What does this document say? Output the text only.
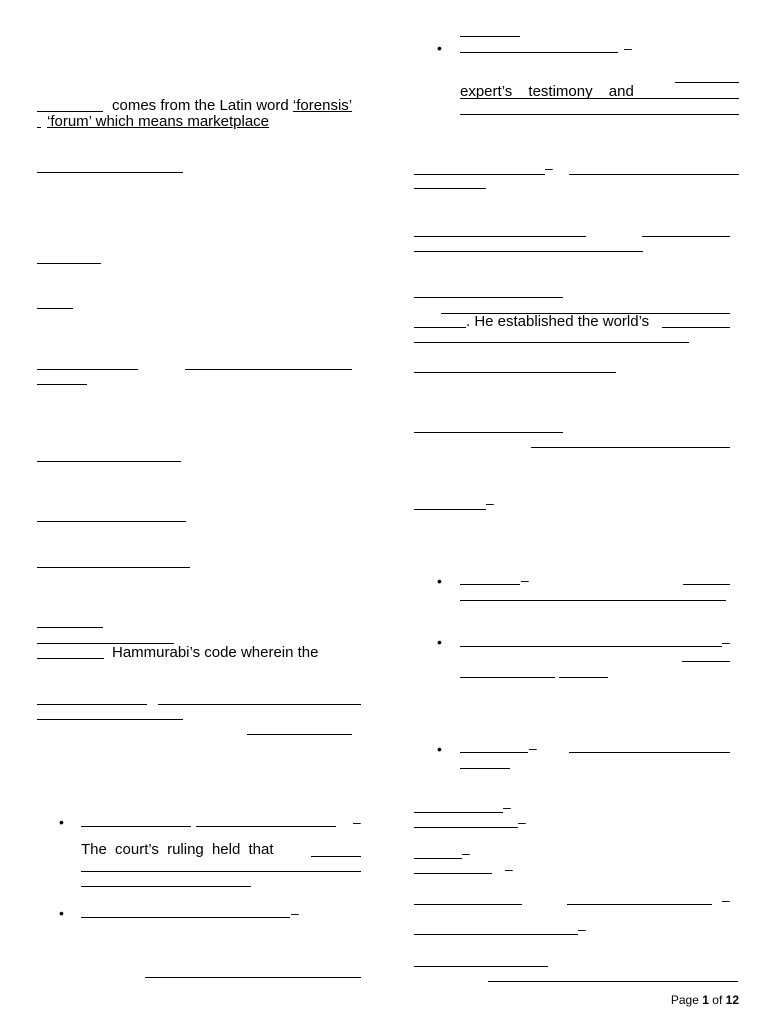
comes from the Latin word ‘forensis’
‘forum’ which means marketplace
Hammurabi’s code wherein the
•	–
The court’s ruling held that
•	–
•	–
expert’s testimony and
–
. He established the world’s
–
•	–
•	–
•	–
–
–
–
–
–
–
Page 1 of 12
